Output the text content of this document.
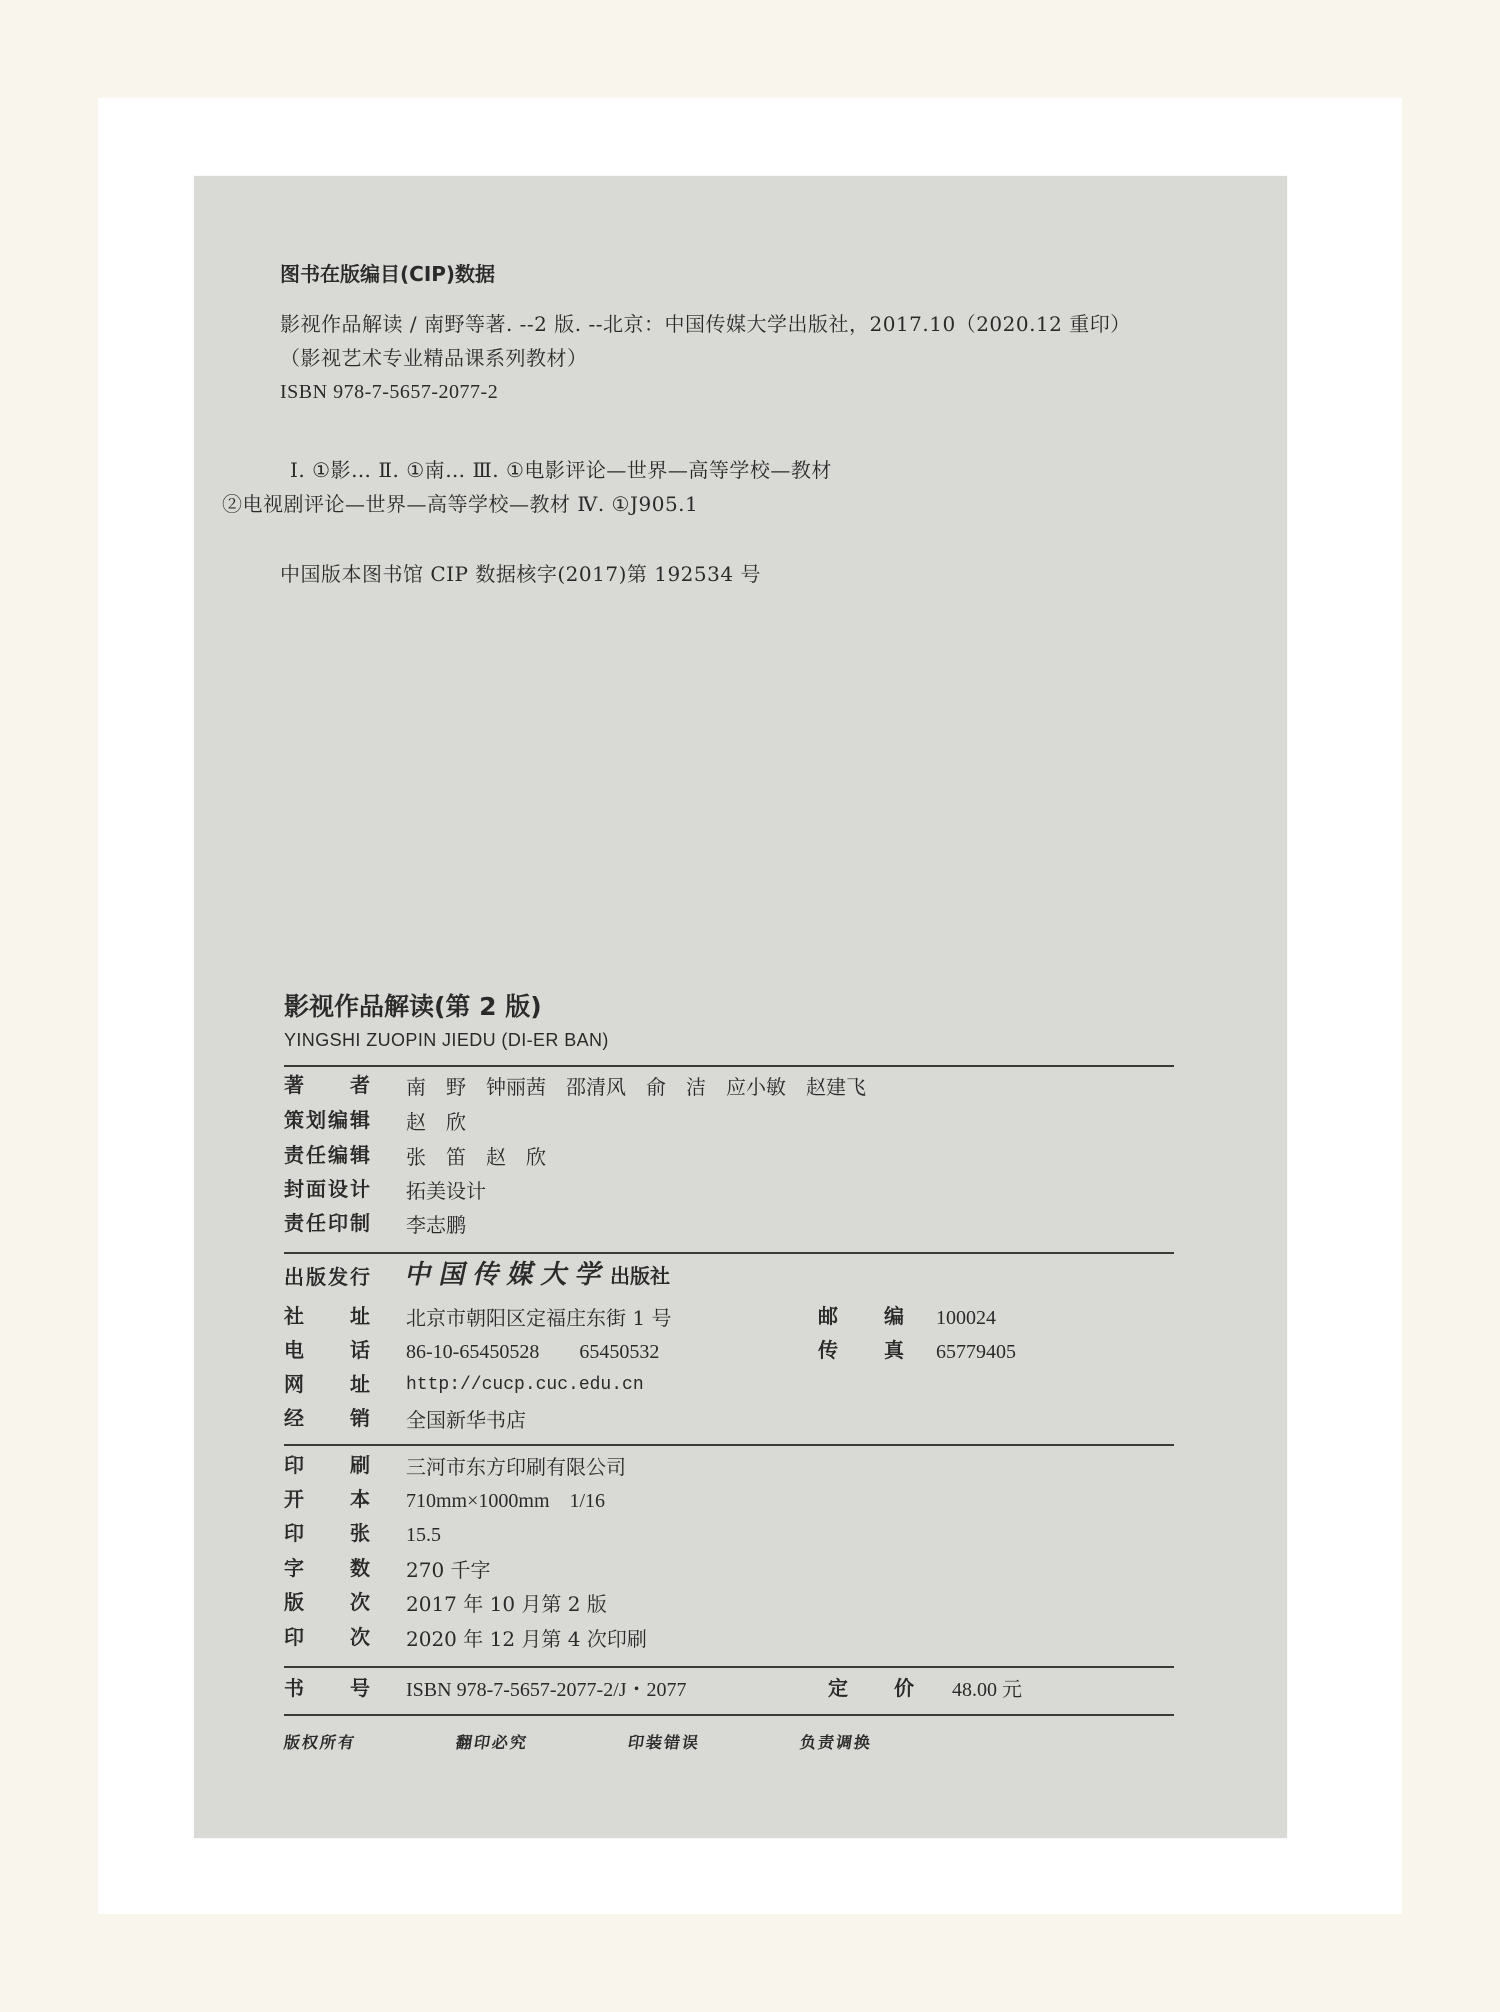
图书在版编目(CIP)数据
影视作品解读 / 南野等著. --2 版. --北京：中国传媒大学出版社，2017.10（2020.12 重印）
（影视艺术专业精品课系列教材）
ISBN 978-7-5657-2077-2
Ⅰ. ①影… Ⅱ. ①南… Ⅲ. ①电影评论—世界—高等学校—教材
②电视剧评论—世界—高等学校—教材 Ⅳ. ①J905.1
中国版本图书馆 CIP 数据核字(2017)第 192534 号
影视作品解读(第 2 版)
YINGSHI ZUOPIN JIEDU (DI-ER BAN)
著　　者 南　野　钟丽茜　邵清风　俞　洁　应小敏　赵建飞
策划编辑 赵　欣
责任编辑 张　笛　赵　欣
封面设计 拓美设计
责任印制 李志鹏
出版发行 中国传媒大学出版社
社　　址 北京市朝阳区定福庄东街 1 号	邮　　编 100024
电　　话 86-10-65450528　　65450532	传　　真 65779405
网　　址 http://cucp.cuc.edu.cn
经　　销 全国新华书店
印　　刷 三河市东方印刷有限公司
开　　本 710mm×1000mm　1/16
印　　张 15.5
字　　数 270 千字
版　　次 2017 年 10 月第 2 版
印　　次 2020 年 12 月第 4 次印刷
书　　号 ISBN 978-7-5657-2077-2/J・2077	定　　价 48.00 元
版权所有	翻印必究	印装错误	负责调换
